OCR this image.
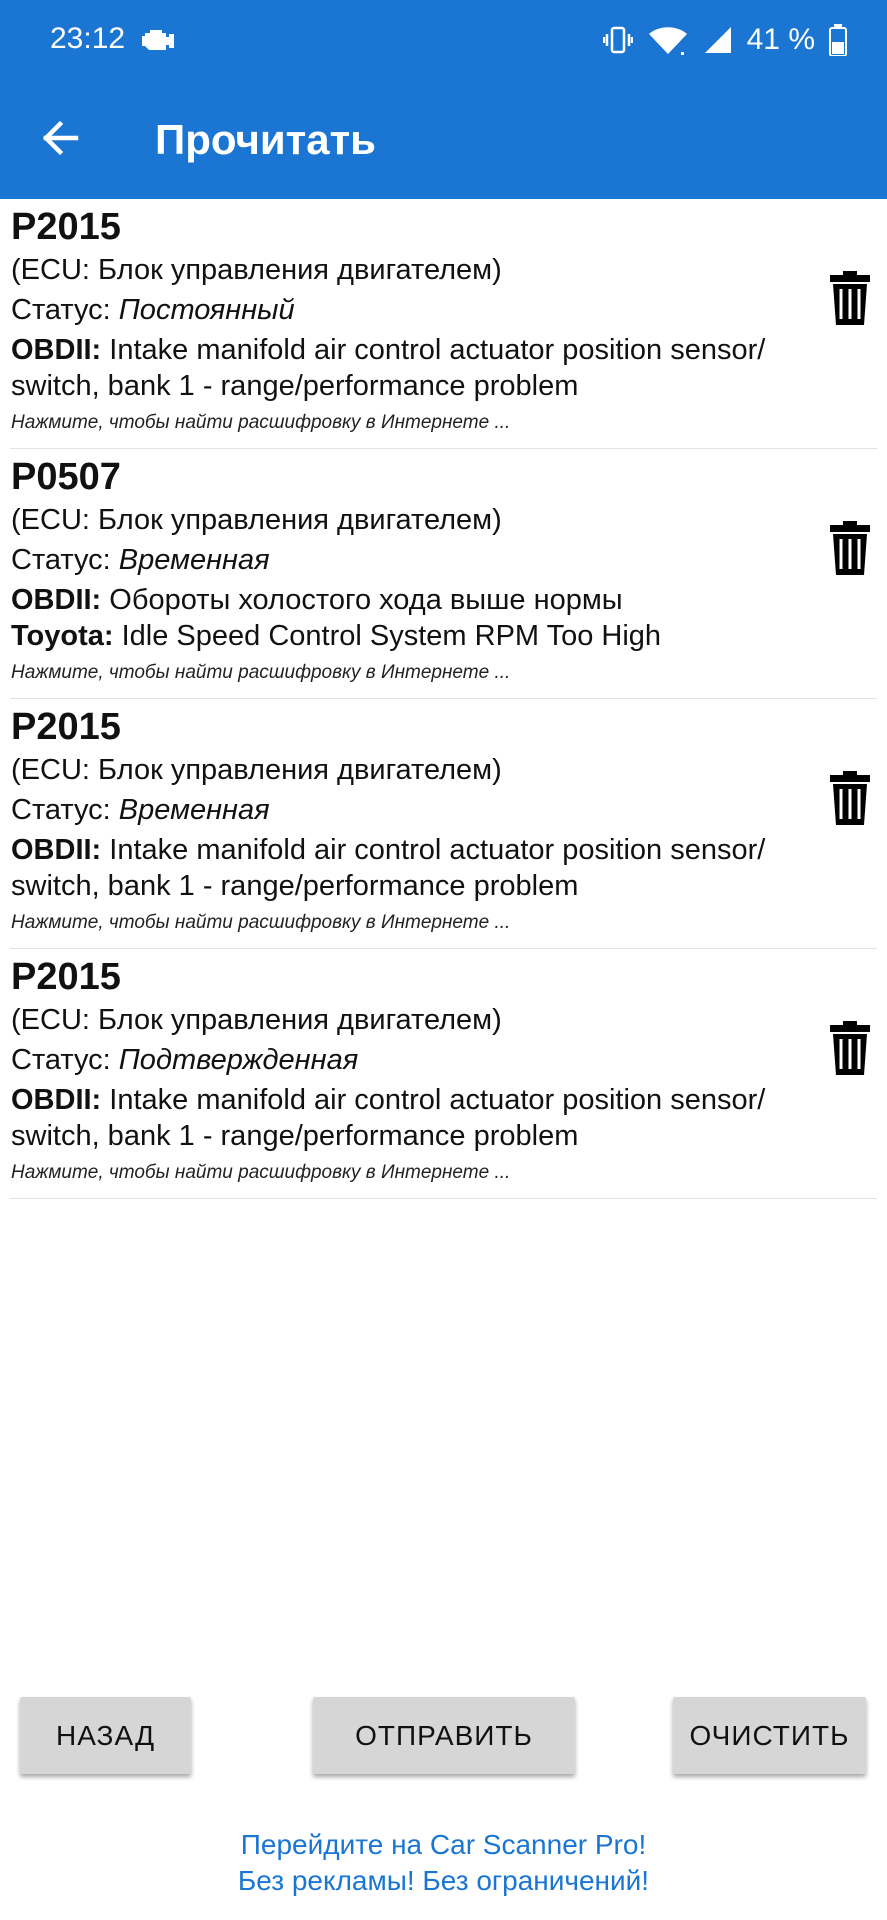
23:12	41 %
Прочитать
P2015
(ECU: Блок управления двигателем)
Статус: Постоянный
OBDII: Intake manifold air control actuator position sensor/ switch, bank 1 - range/performance problem
Нажмите, чтобы найти расшифровку в Интернете ...
P0507
(ECU: Блок управления двигателем)
Статус: Временная
OBDII: Обороты холостого хода выше нормы
Toyota: Idle Speed Control System RPM Too High
Нажмите, чтобы найти расшифровку в Интернете ...
P2015
(ECU: Блок управления двигателем)
Статус: Временная
OBDII: Intake manifold air control actuator position sensor/ switch, bank 1 - range/performance problem
Нажмите, чтобы найти расшифровку в Интернете ...
P2015
(ECU: Блок управления двигателем)
Статус: Подтвержденная
OBDII: Intake manifold air control actuator position sensor/ switch, bank 1 - range/performance problem
Нажмите, чтобы найти расшифровку в Интернете ...
НАЗАД	ОТПРАВИТЬ	ОЧИСТИТЬ
Перейдите на Car Scanner Pro!
Без рекламы! Без ограничений!
